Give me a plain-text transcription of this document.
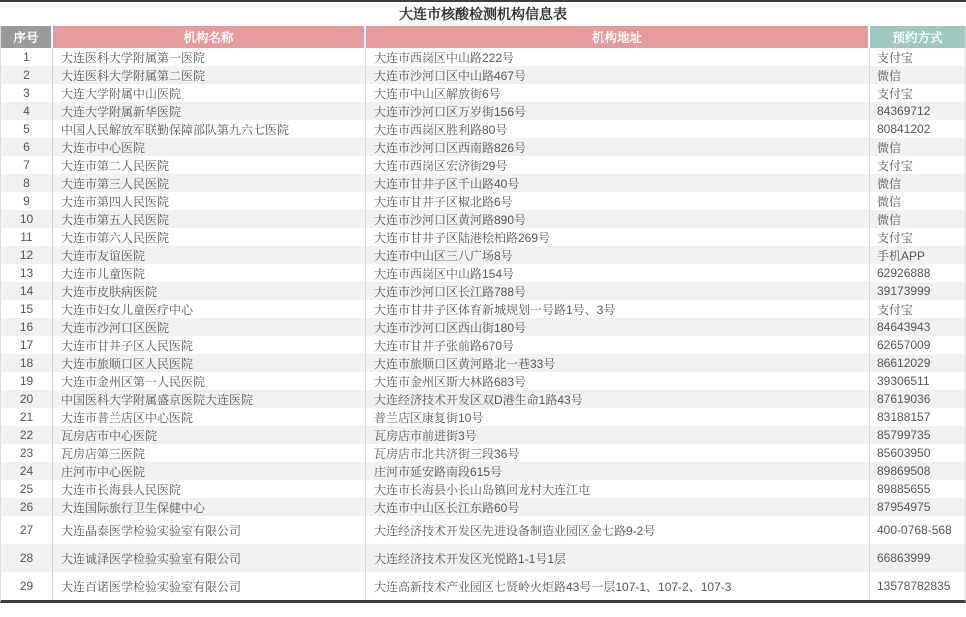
大连市核酸检测机构信息表
序号	机构名称	机构地址	预约方式
1	大连医科大学附属第一医院	大连市西岗区中山路222号	支付宝
2	大连医科大学附属第二医院	大连市沙河口区中山路467号	微信
3	大连大学附属中山医院	大连市中山区解放街6号	支付宝
4	大连大学附属新华医院	大连市沙河口区万岁街156号	84369712
5	中国人民解放军联勤保障部队第九六七医院	大连市西岗区胜利路80号	80841202
6	大连市中心医院	大连市沙河口区西南路826号	微信
7	大连市第二人民医院	大连市西岗区宏济街29号	支付宝
8	大连市第三人民医院	大连市甘井子区千山路40号	微信
9	大连市第四人民医院	大连市甘井子区椒北路6号	微信
10	大连市第五人民医院	大连市沙河口区黄河路890号	微信
11	大连市第六人民医院	大连市甘井子区陆港桧柏路269号	支付宝
12	大连市友谊医院	大连市中山区三八广场8号	手机APP
13	大连市儿童医院	大连市西岗区中山路154号	62926888
14	大连市皮肤病医院	大连市沙河口区长江路788号	39173999
15	大连市妇女儿童医疗中心	大连市甘井子区体育新城规划一号路1号、3号	支付宝
16	大连市沙河口区医院	大连市沙河口区西山街180号	84643943
17	大连市甘井子区人民医院	大连市甘井子张前路670号	62657009
18	大连市旅顺口区人民医院	大连市旅顺口区黄河路北一巷33号	86612029
19	大连市金州区第一人民医院	大连市金州区斯大林路683号	39306511
20	中国医科大学附属盛京医院大连医院	大连经济技术开发区双D港生命1路43号	87619036
21	大连市普兰店区中心医院	普兰店区康复街10号	83188157
22	瓦房店市中心医院	瓦房店市前进街3号	85799735
23	瓦房店第三医院	瓦房店市北共济街三段36号	85603950
24	庄河市中心医院	庄河市延安路南段615号	89869508
25	大连市长海县人民医院	大连市长海县小长山岛镇回龙村大连江屯	89885655
26	大连国际旅行卫生保健中心	大连市中山区长江东路60号	87954975
27	大连晶泰医学检验实验室有限公司	大连经济技术开发区先进设备制造业园区金七路9-2号	400-0768-568
28	大连诚泽医学检验实验室有限公司	大连经济技术开发区光悦路1-1号1层	66863999
29	大连百诺医学检验实验室有限公司	大连高新技术产业园区七贤岭火炬路43号一层107-1、107-2、107-3	13578782835
